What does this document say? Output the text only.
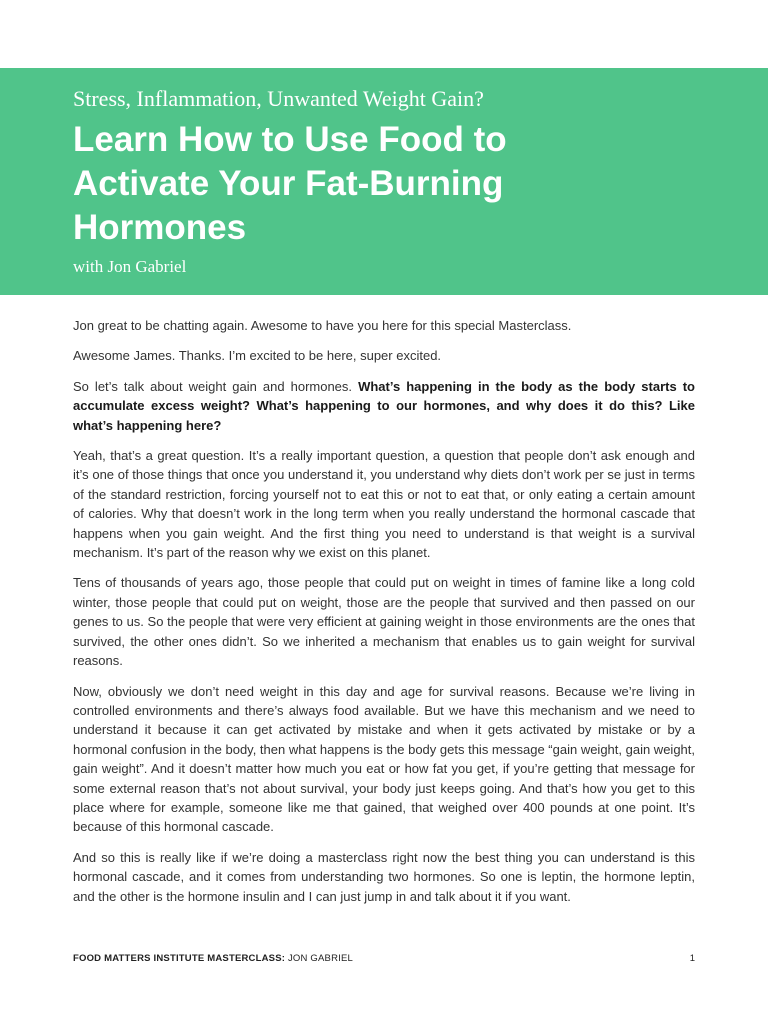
Stress, Inflammation, Unwanted Weight Gain?

Learn How to Use Food to Activate Your Fat-Burning Hormones

with Jon Gabriel

Jon great to be chatting again. Awesome to have you here for this special Masterclass.

Awesome James. Thanks. I’m excited to be here, super excited.

So let’s talk about weight gain and hormones. What’s happening in the body as the body starts to accumulate excess weight? What’s happening to our hormones, and why does it do this? Like what’s happening here?

Yeah, that’s a great question. It’s a really important question, a question that people don’t ask enough and it’s one of those things that once you understand it, you understand why diets don’t work per se just in terms of the standard restriction, forcing yourself not to eat this or not to eat that, or only eating a certain amount of calories. Why that doesn’t work in the long term when you really understand the hormonal cascade that happens when you gain weight. And the first thing you need to understand is that weight is a survival mechanism. It’s part of the reason why we exist on this planet.

Tens of thousands of years ago, those people that could put on weight in times of famine like a long cold winter, those people that could put on weight, those are the people that survived and then passed on our genes to us. So the people that were very efficient at gaining weight in those environments are the ones that survived, the other ones didn’t. So we inherited a mechanism that enables us to gain weight for survival reasons.

Now, obviously we don’t need weight in this day and age for survival reasons. Because we’re living in controlled environments and there’s always food available. But we have this mechanism and we need to understand it because it can get activated by mistake and when it gets activated by mistake or by a hormonal confusion in the body, then what happens is the body gets this message “gain weight, gain weight, gain weight”. And it doesn’t matter how much you eat or how fat you get, if you’re getting that message for some external reason that’s not about survival, your body just keeps going. And that’s how you get to this place where for example, someone like me that gained, that weighed over 400 pounds at one point. It’s because of this hormonal cascade.

And so this is really like if we’re doing a masterclass right now the best thing you can understand is this hormonal cascade, and it comes from understanding two hormones. So one is leptin, the hormone leptin, and the other is the hormone insulin and I can just jump in and talk about it if you want.

FOOD MATTERS INSTITUTE MASTERCLASS: JON GABRIEL	1
